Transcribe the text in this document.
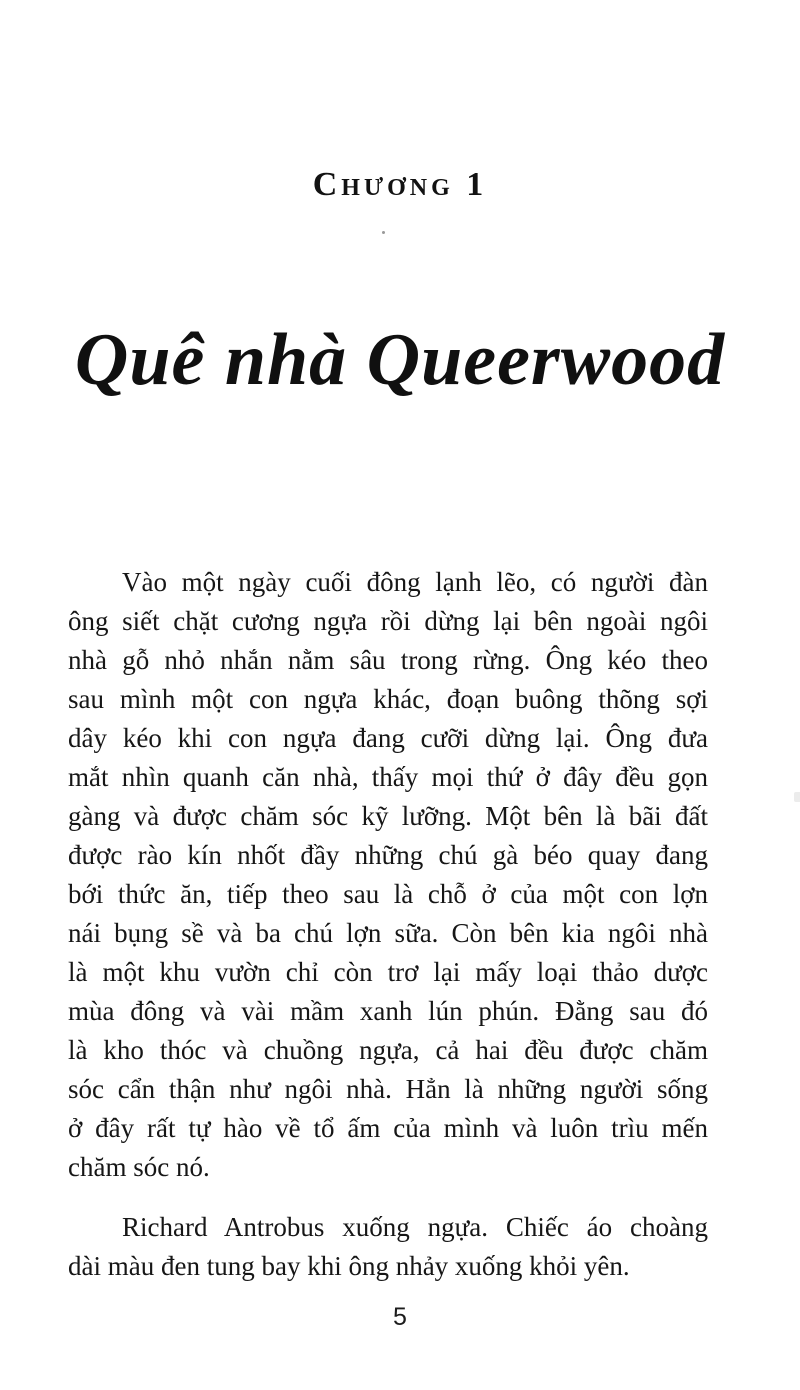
Chương 1
Quê nhà Queerwood
Vào một ngày cuối đông lạnh lẽo, có người đàn
ông siết chặt cương ngựa rồi dừng lại bên ngoài ngôi
nhà gỗ nhỏ nhắn nằm sâu trong rừng. Ông kéo theo
sau mình một con ngựa khác, đoạn buông thõng sợi
dây kéo khi con ngựa đang cưỡi dừng lại. Ông đưa
mắt nhìn quanh căn nhà, thấy mọi thứ ở đây đều gọn
gàng và được chăm sóc kỹ lưỡng. Một bên là bãi đất
được rào kín nhốt đầy những chú gà béo quay đang
bới thức ăn, tiếp theo sau là chỗ ở của một con lợn
nái bụng sề và ba chú lợn sữa. Còn bên kia ngôi nhà
là một khu vườn chỉ còn trơ lại mấy loại thảo dược
mùa đông và vài mầm xanh lún phún. Đằng sau đó
là kho thóc và chuồng ngựa, cả hai đều được chăm
sóc cẩn thận như ngôi nhà. Hẳn là những người sống
ở đây rất tự hào về tổ ấm của mình và luôn trìu mến
chăm sóc nó.
Richard Antrobus xuống ngựa. Chiếc áo choàng
dài màu đen tung bay khi ông nhảy xuống khỏi yên.
5
